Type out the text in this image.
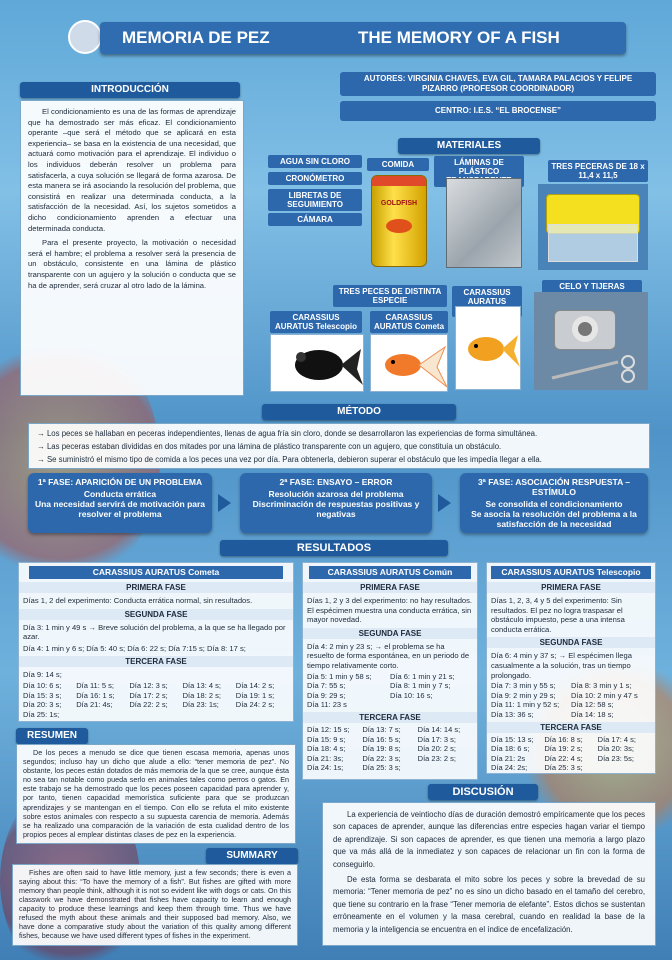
MEMORIA DE PEZ	THE MEMORY OF A FISH
INTRODUCCIÓN

El condicionamiento es una de las formas de aprendizaje que ha demostrado ser más eficaz. El condicionamiento operante –que será el método que se aplicará en esta experiencia– se basa en la existencia de una necesidad, que actuará como motivación para el aprendizaje. El individuo o los individuos deberán resolver un problema para satisfacerla, a cuya solución se llegará de forma azarosa. De esta manera se irá asociando la resolución del problema, que consistirá en realizar una determinada conducta, a la satisfacción de la necesidad. Así, los sujetos sometidos a dicho condicionamiento aprenden a efectuar una determinada conducta.

Para el presente proyecto, la motivación o necesidad será el hambre; el problema a resolver será la presencia de un obstáculo, consistente en una lámina de plástico transparente con un agujero y la solución o conducta que se ha de aprender, será cruzar al otro lado de la lámina.

AUTORES: VIRGINIA CHAVES, EVA GIL, TAMARA PALACIOS Y FELIPE PIZARRO (PROFESOR COORDINADOR)
CENTRO: I.E.S. “EL BROCENSE”
MATERIALES
AGUA SIN CLORO
CRONÓMETRO
LIBRETAS DE SEGUIMIENTO
CÁMARA
COMIDA	LÁMINAS DE PLÁSTICO
TRES PECERAS DE 18 x 11,4 x 11,5
GOLDFISH
TRES PECES DE DISTINTA ESPECIE
CARASSIUS AURATUS Telescopio
CARASSIUS AURATUS Cometa
CARASSIUS AURATUS
CELO Y TIJERAS
MÉTODO
→ Los peces se hallaban en peceras independientes, llenas de agua fría sin cloro, donde se desarrollaron las experiencias de forma simultánea.
→ Las peceras estaban divididas en dos mitades por una lámina de plástico transparente con un agujero, que constituía un obstáculo.
→ Se suministró el mismo tipo de comida a los peces una vez por día. Para obtenerla, debieron superar el obstáculo que les impedía llegar a ella.
1ª FASE: APARICIÓN DE UN PROBLEMA
Conducta errática
Una necesidad servirá de motivación para resolver el problema
2ª FASE: ENSAYO – ERROR
Resolución azarosa del problema
Discriminación de respuestas positivas y negativas
3ª FASE: ASOCIACIÓN RESPUESTA – ESTÍMULO
Se consolida el condicionamiento
Se asocia la resolución del problema a la satisfacción de la necesidad
RESULTADOS
CARASSIUS AURATUS Cometa
PRIMERA FASE
Días 1, 2 del experimento: Conducta errática normal, sin resultados.
SEGUNDA FASE
Día 3: 1 min y 49 s → Breve solución del problema, a la que se ha llegado por azar.
Día 4: 1 min y 6 s; Día 5: 40 s; Día 6: 22 s; Día 7:15 s; Día 8: 17 s;
TERCERA FASE
Día 9: 14 s;
Día 10: 6 s;	Día 11: 5 s;	Día 12: 3 s;	Día 13: 4 s;	Día 14: 2 s;
Día 15: 3 s;	Día 16: 1 s;	Día 17: 2 s;	Día 18: 2 s;	Día 19: 1 s;
Día 20: 3 s;	Día 21: 4s;	Día 22: 2 s;	Día 23: 1s;	Día 24: 2 s;
Día 25: 1s;
CARASSIUS AURATUS Común
PRIMERA FASE
Días 1, 2 y 3 del experimento: no hay resultados. El espécimen muestra una conducta errática, sin mayor novedad.
SEGUNDA FASE
Día 4: 2 min y 23 s; → el problema se ha resuelto de forma espontánea, en un periodo de tiempo relativamente corto.
Día 5: 1 min y 58 s;	Día 6: 1 min y 21 s;
Día 7: 55 s;	Día 8: 1 min y 7 s;
Día 9: 29 s;	Día 10: 16 s;
Día 11: 23 s
TERCERA FASE
Día 12: 15 s;	Día 13: 7 s;	Día 14: 14 s;
Día 15: 9 s;	Día 16: 5 s;	Día 17: 3 s;
Día 18: 4 s;	Día 19: 8 s;	Día 20: 2 s;
Día 21: 3s;	Día 22: 3 s;	Día 23: 2 s;
Día 24: 1s;	Día 25: 3 s;
CARASSIUS AURATUS Telescopio
PRIMERA FASE
Días 1, 2, 3, 4 y 5 del experimento: Sin resultados. El pez no logra traspasar el obstáculo impuesto, pese a una intensa conducta errática.
SEGUNDA FASE
Día 6: 4 min y 37 s; → El espécimen llega casualmente a la solución, tras un tiempo prolongado.
Día 7: 3 min y 55 s;	Día 8: 3 min y 1 s;
Día 9: 2 min y 29 s;	Día 10: 2 min y 47 s
Día 11: 1 min y 52 s;	Día 12: 58 s;
Día 13: 36 s;	Día 14: 18 s;
TERCERA FASE
Día 15: 13 s;	Día 16: 8 s;	Día 17: 4 s;
Día 18: 6 s;	Día 19: 2 s;	Día 20: 3s;
Día 21: 2s	Día 22: 4 s;	Día 23: 5s;
Día 24: 2s;	Día 25: 3 s;
RESUMEN

De los peces a menudo se dice que tienen escasa memoria, apenas unos segundos; incluso hay un dicho que alude a ello: “tener memoria de pez”. No obstante, los peces están dotados de más memoria de la que se cree, aunque ésta no sea tan notable como pueda serlo en animales tales como perros o gatos. En este trabajo se ha demostrado que los peces poseen capacidad para aprender y, por tanto, tienen capacidad memorística suficiente para que se produzcan aprendizajes y se mantengan en el tiempo. Con ello se refuta el mito existente sobre estos animales con respecto a su supuesta carencia de memoria. Además se ha realizado una comparación de la variación de esta cualidad dentro de los propios peces al emplear distintas clases de pez en la experiencia.

SUMMARY

Fishes are often said to have little memory, just a few seconds; there is even a saying about this: “To have the memory of a fish”. But fishes are gifted with more memory than people think, although it is not so evident like with dogs or cats. On this classwork we have demonstrated that fishes have capacity to learn and enough capacity to produce these learnings and keep them through time. Thus we have refused the myth about these animals and their supposed bad memory. Also, we have done a comparative study about the variation of this quality among different fishes, because we have used different types of fishes in the experiment.

DISCUSIÓN

La experiencia de veintiocho días de duración demostró empíricamente que los peces son capaces de aprender, aunque las diferencias entre especies hagan variar el tiempo de aprendizaje. Si son capaces de aprender, es que tienen una memoria a largo plazo que va más allá de la inmediatez y son capaces de relacionar un fin con la forma de conseguirlo.

De esta forma se desbarata el mito sobre los peces y sobre la brevedad de su memoria: “Tener memoria de pez” no es sino un dicho basado en el tamaño del cerebro, que tiene su contrario en la frase “Tener memoria de elefante”. Estos dichos se sustentan erróneamente en el volumen y la masa cerebral, cuando en realidad la base de la memoria y la inteligencia se encuentra en el índice de encefalización.
